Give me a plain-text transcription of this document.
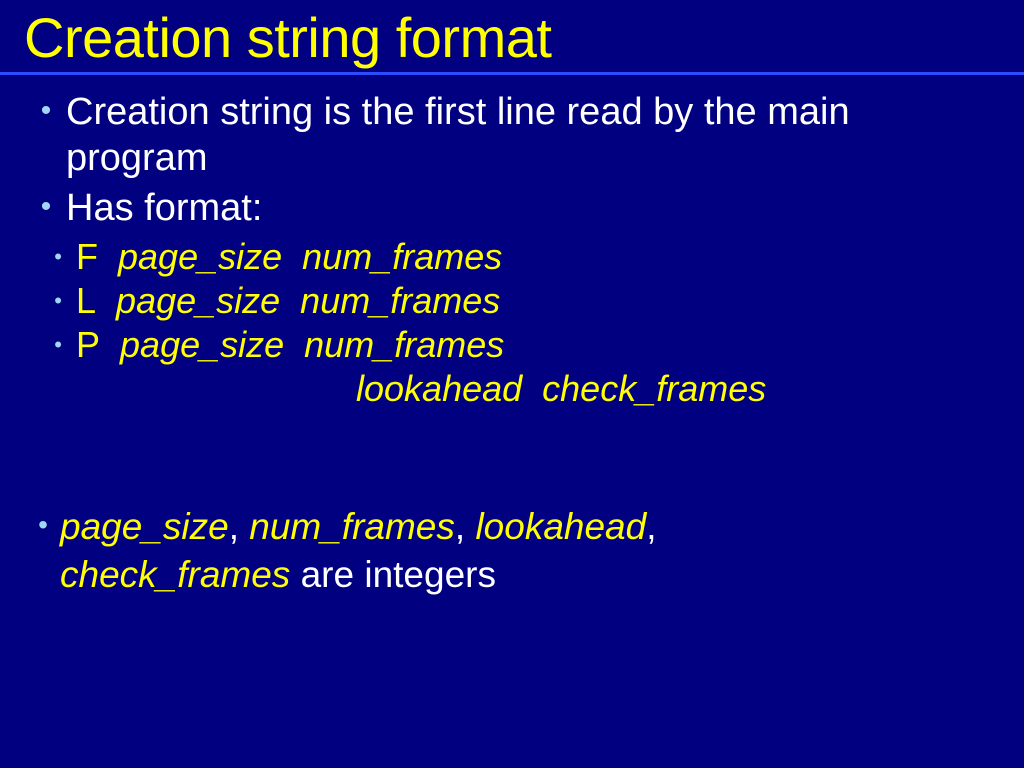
Creation string format
• Creation string is the first line read by the main program
• Has format:
• F page_size  num_frames
• L page_size  num_frames
• P page_size  num_frames
lookahead  check_frames
• page_size, num_frames, lookahead,
check_frames are integers
